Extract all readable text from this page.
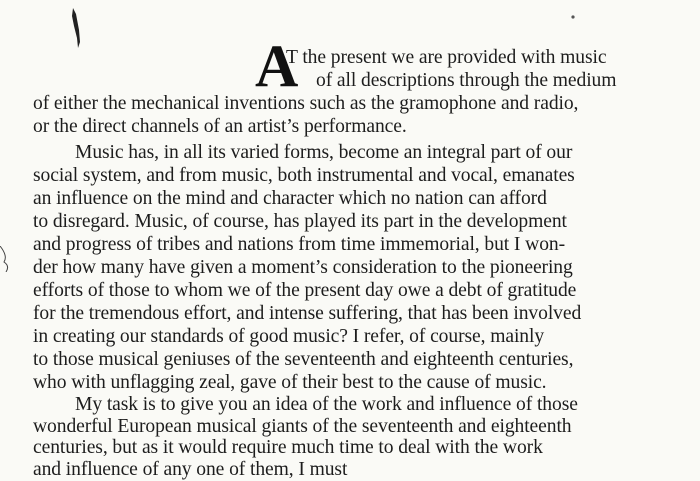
A
T the present we are provided with music
of all descriptions through the medium
of either the mechanical inventions such as the gramophone and radio,
or the direct channels of an artist’s performance.
Music has, in all its varied forms, become an integral part of our
social system, and from music, both instrumental and vocal, emanates
an influence on the mind and character which no nation can afford
to disregard. Music, of course, has played its part in the development
and progress of tribes and nations from time immemorial, but I won-
der how many have given a moment’s consideration to the pioneering
efforts of those to whom we of the present day owe a debt of gratitude
for the tremendous effort, and intense suffering, that has been involved
in creating our standards of good music? I refer, of course, mainly
to those musical geniuses of the seventeenth and eighteenth centuries,
who with unflagging zeal, gave of their best to the cause of music.
My task is to give you an idea of the work and influence of those
wonderful European musical giants of the seventeenth and eighteenth
centuries, but as it would require much time to deal with the work
and influence of any one of them, I must
